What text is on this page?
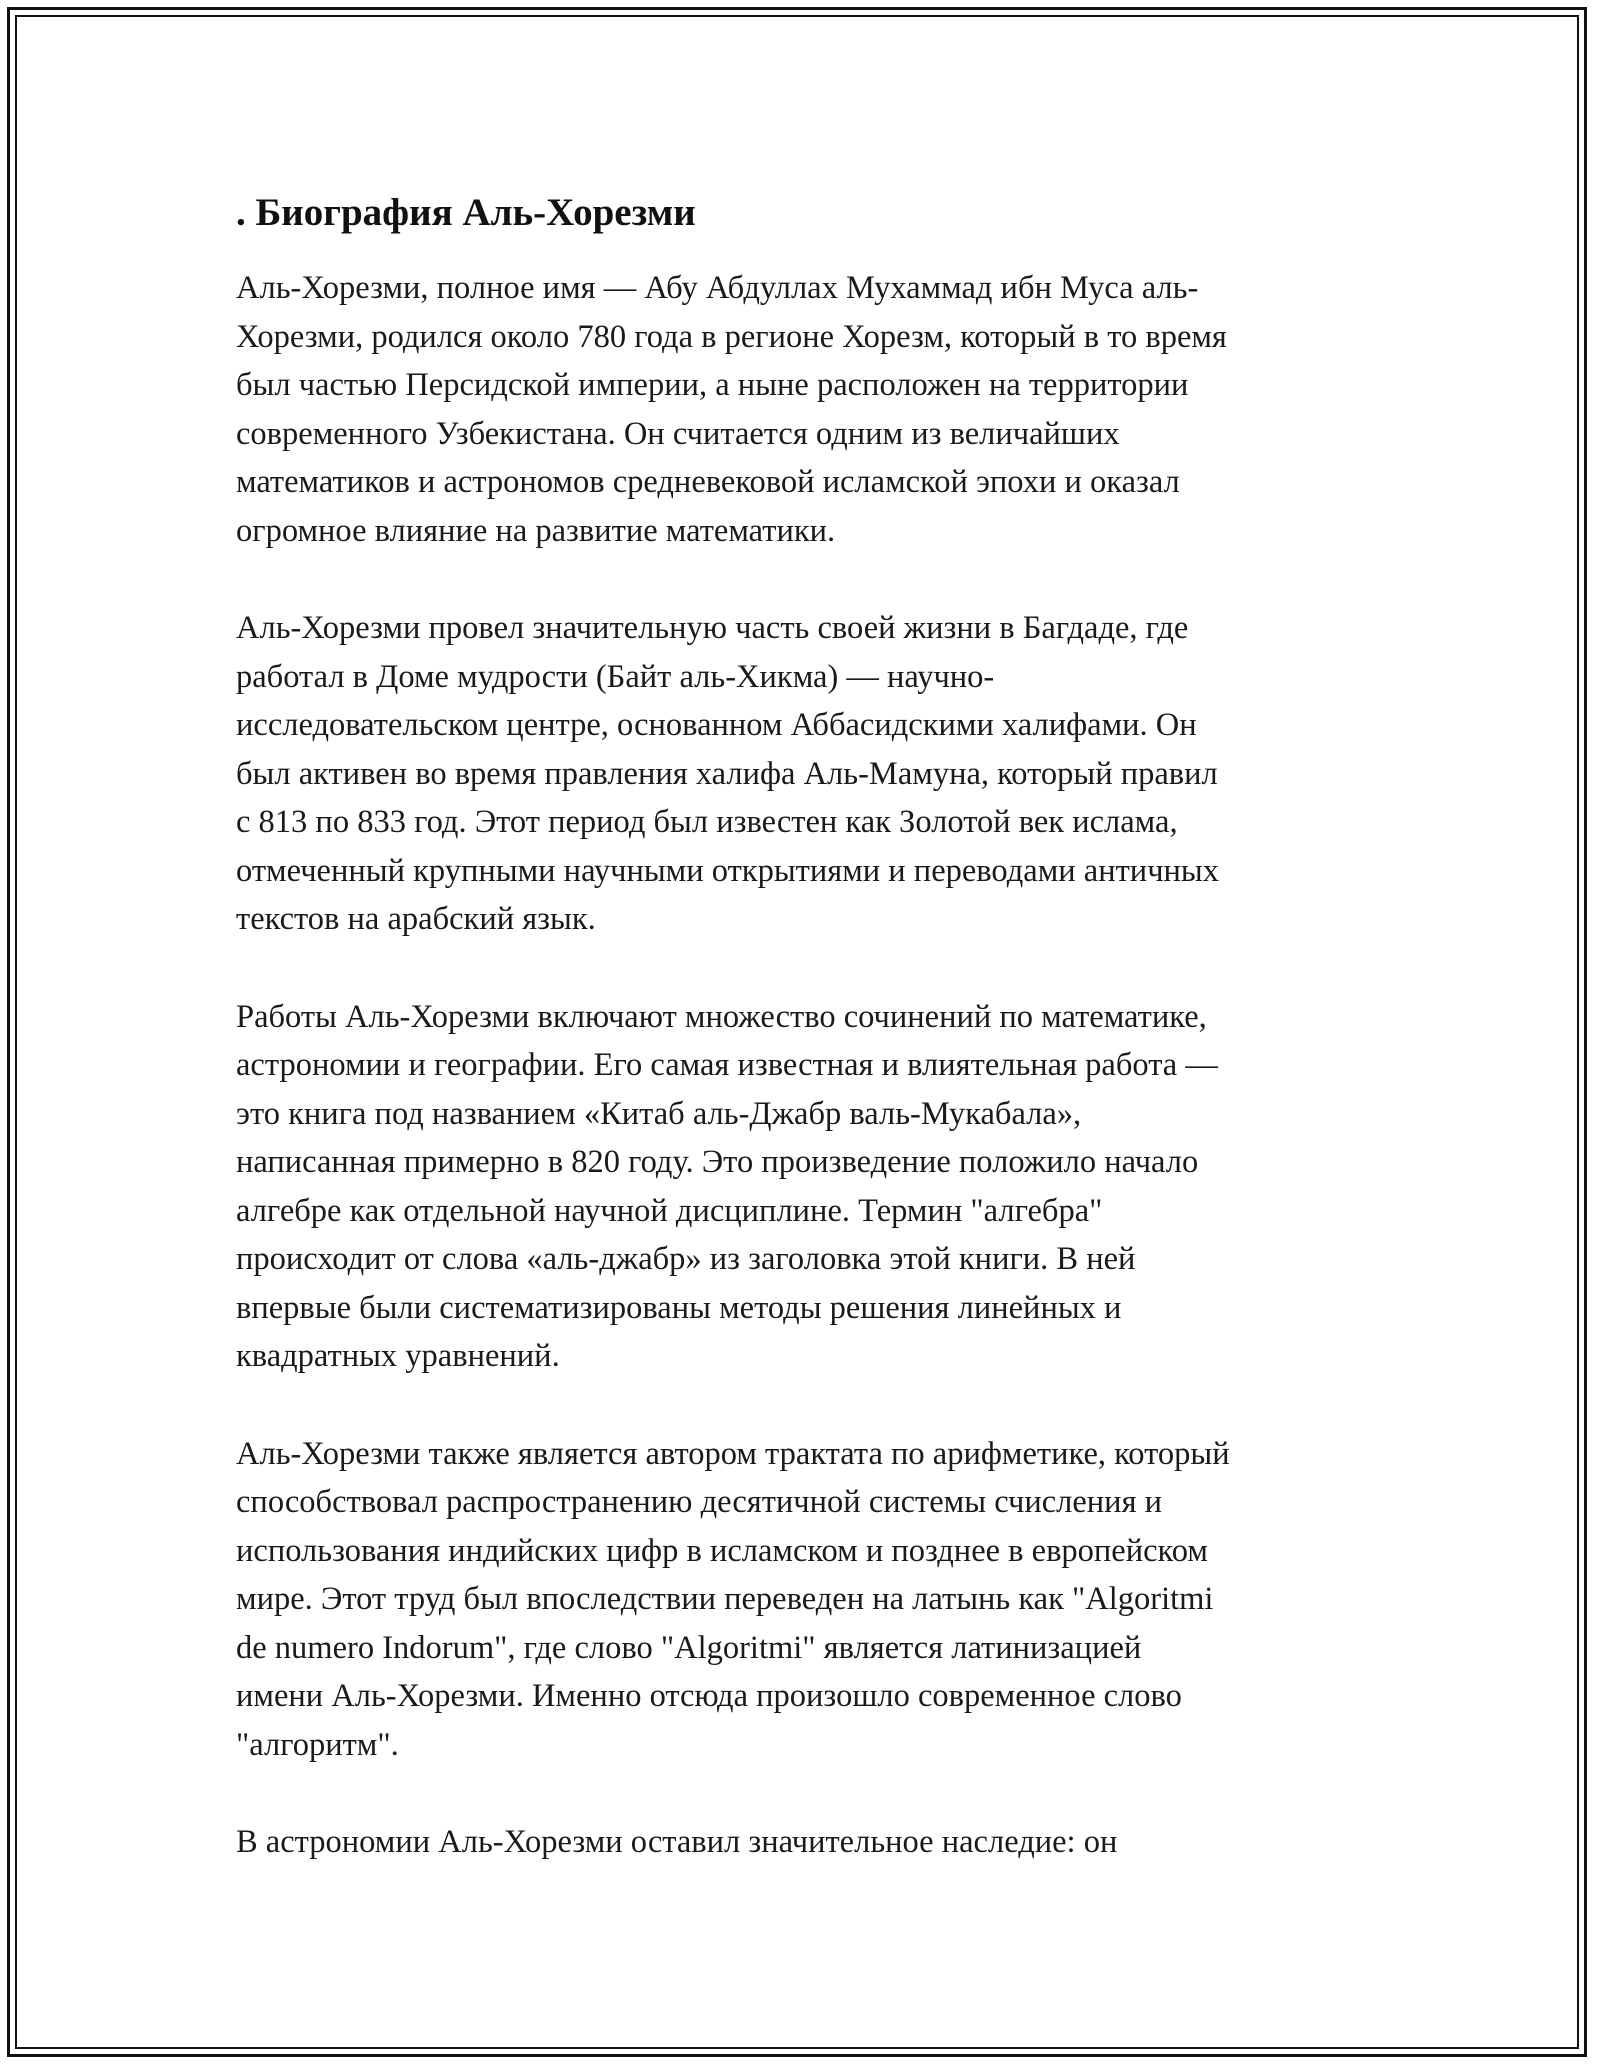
. Биография Аль-Хорезми

Аль-Хорезми, полное имя — Абу Абдуллах Мухаммад ибн Муса аль-
Хорезми, родился около 780 года в регионе Хорезм, который в то время
был частью Персидской империи, а ныне расположен на территории
современного Узбекистана. Он считается одним из величайших
математиков и астрономов средневековой исламской эпохи и оказал
огромное влияние на развитие математики.

Аль-Хорезми провел значительную часть своей жизни в Багдаде, где
работал в Доме мудрости (Байт аль-Хикма) — научно-
исследовательском центре, основанном Аббасидскими халифами. Он
был активен во время правления халифа Аль-Мамуна, который правил
с 813 по 833 год. Этот период был известен как Золотой век ислама,
отмеченный крупными научными открытиями и переводами античных
текстов на арабский язык.

Работы Аль-Хорезми включают множество сочинений по математике,
астрономии и географии. Его самая известная и влиятельная работа —
это книга под названием «Китаб аль-Джабр валь-Мукабала»,
написанная примерно в 820 году. Это произведение положило начало
алгебре как отдельной научной дисциплине. Термин "алгебра"
происходит от слова «аль-джабр» из заголовка этой книги. В ней
впервые были систематизированы методы решения линейных и
квадратных уравнений.

Аль-Хорезми также является автором трактата по арифметике, который
способствовал распространению десятичной системы счисления и
использования индийских цифр в исламском и позднее в европейском
мире. Этот труд был впоследствии переведен на латынь как "Algoritmi
de numero Indorum", где слово "Algoritmi" является латинизацией
имени Аль-Хорезми. Именно отсюда произошло современное слово
"алгоритм".

В астрономии Аль-Хорезми оставил значительное наследие: он
